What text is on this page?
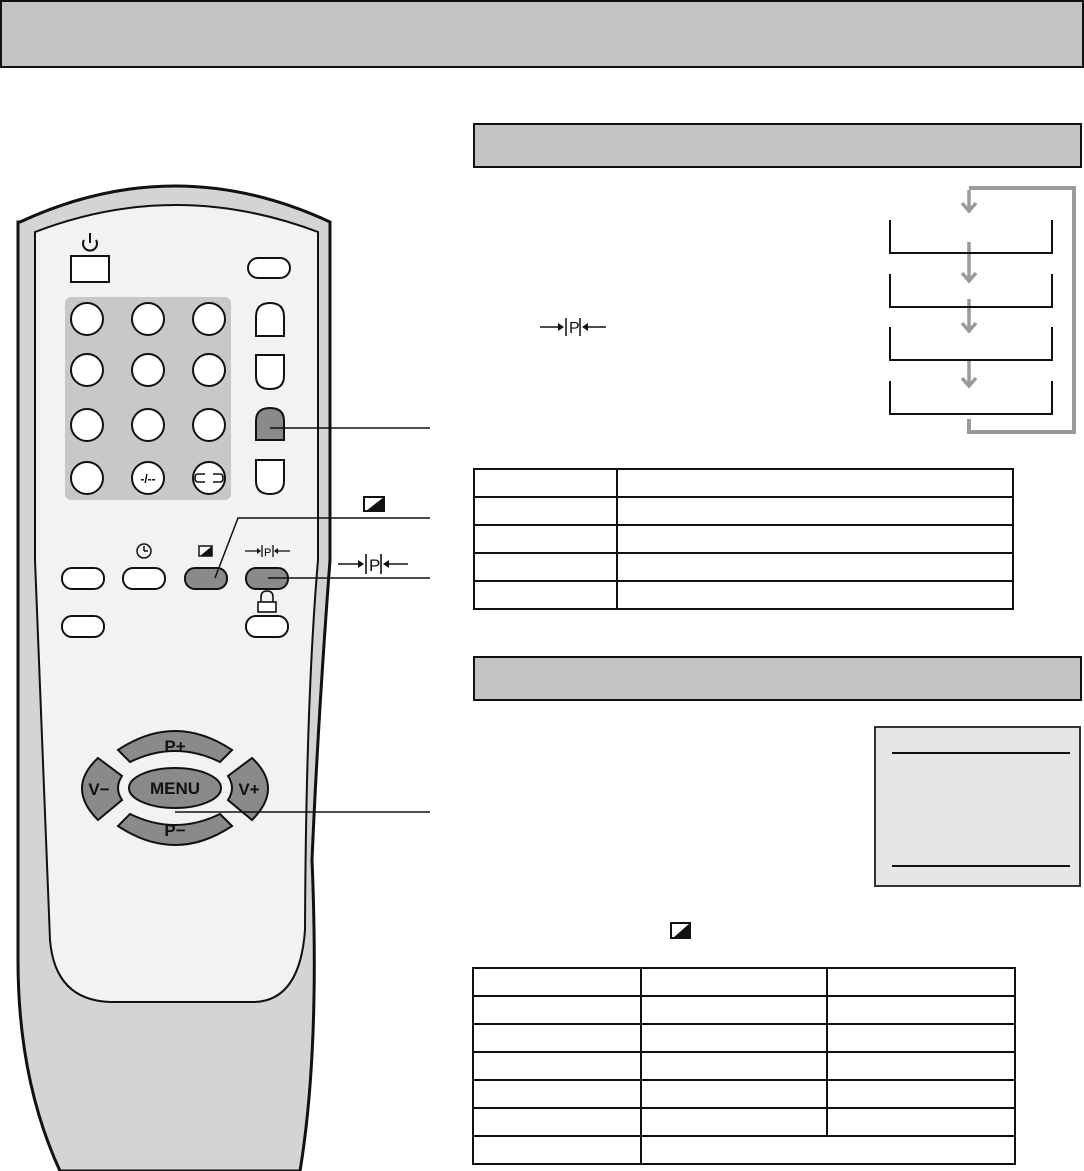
-/--
P
MENU
P+
P−
V−	V+
P
P
